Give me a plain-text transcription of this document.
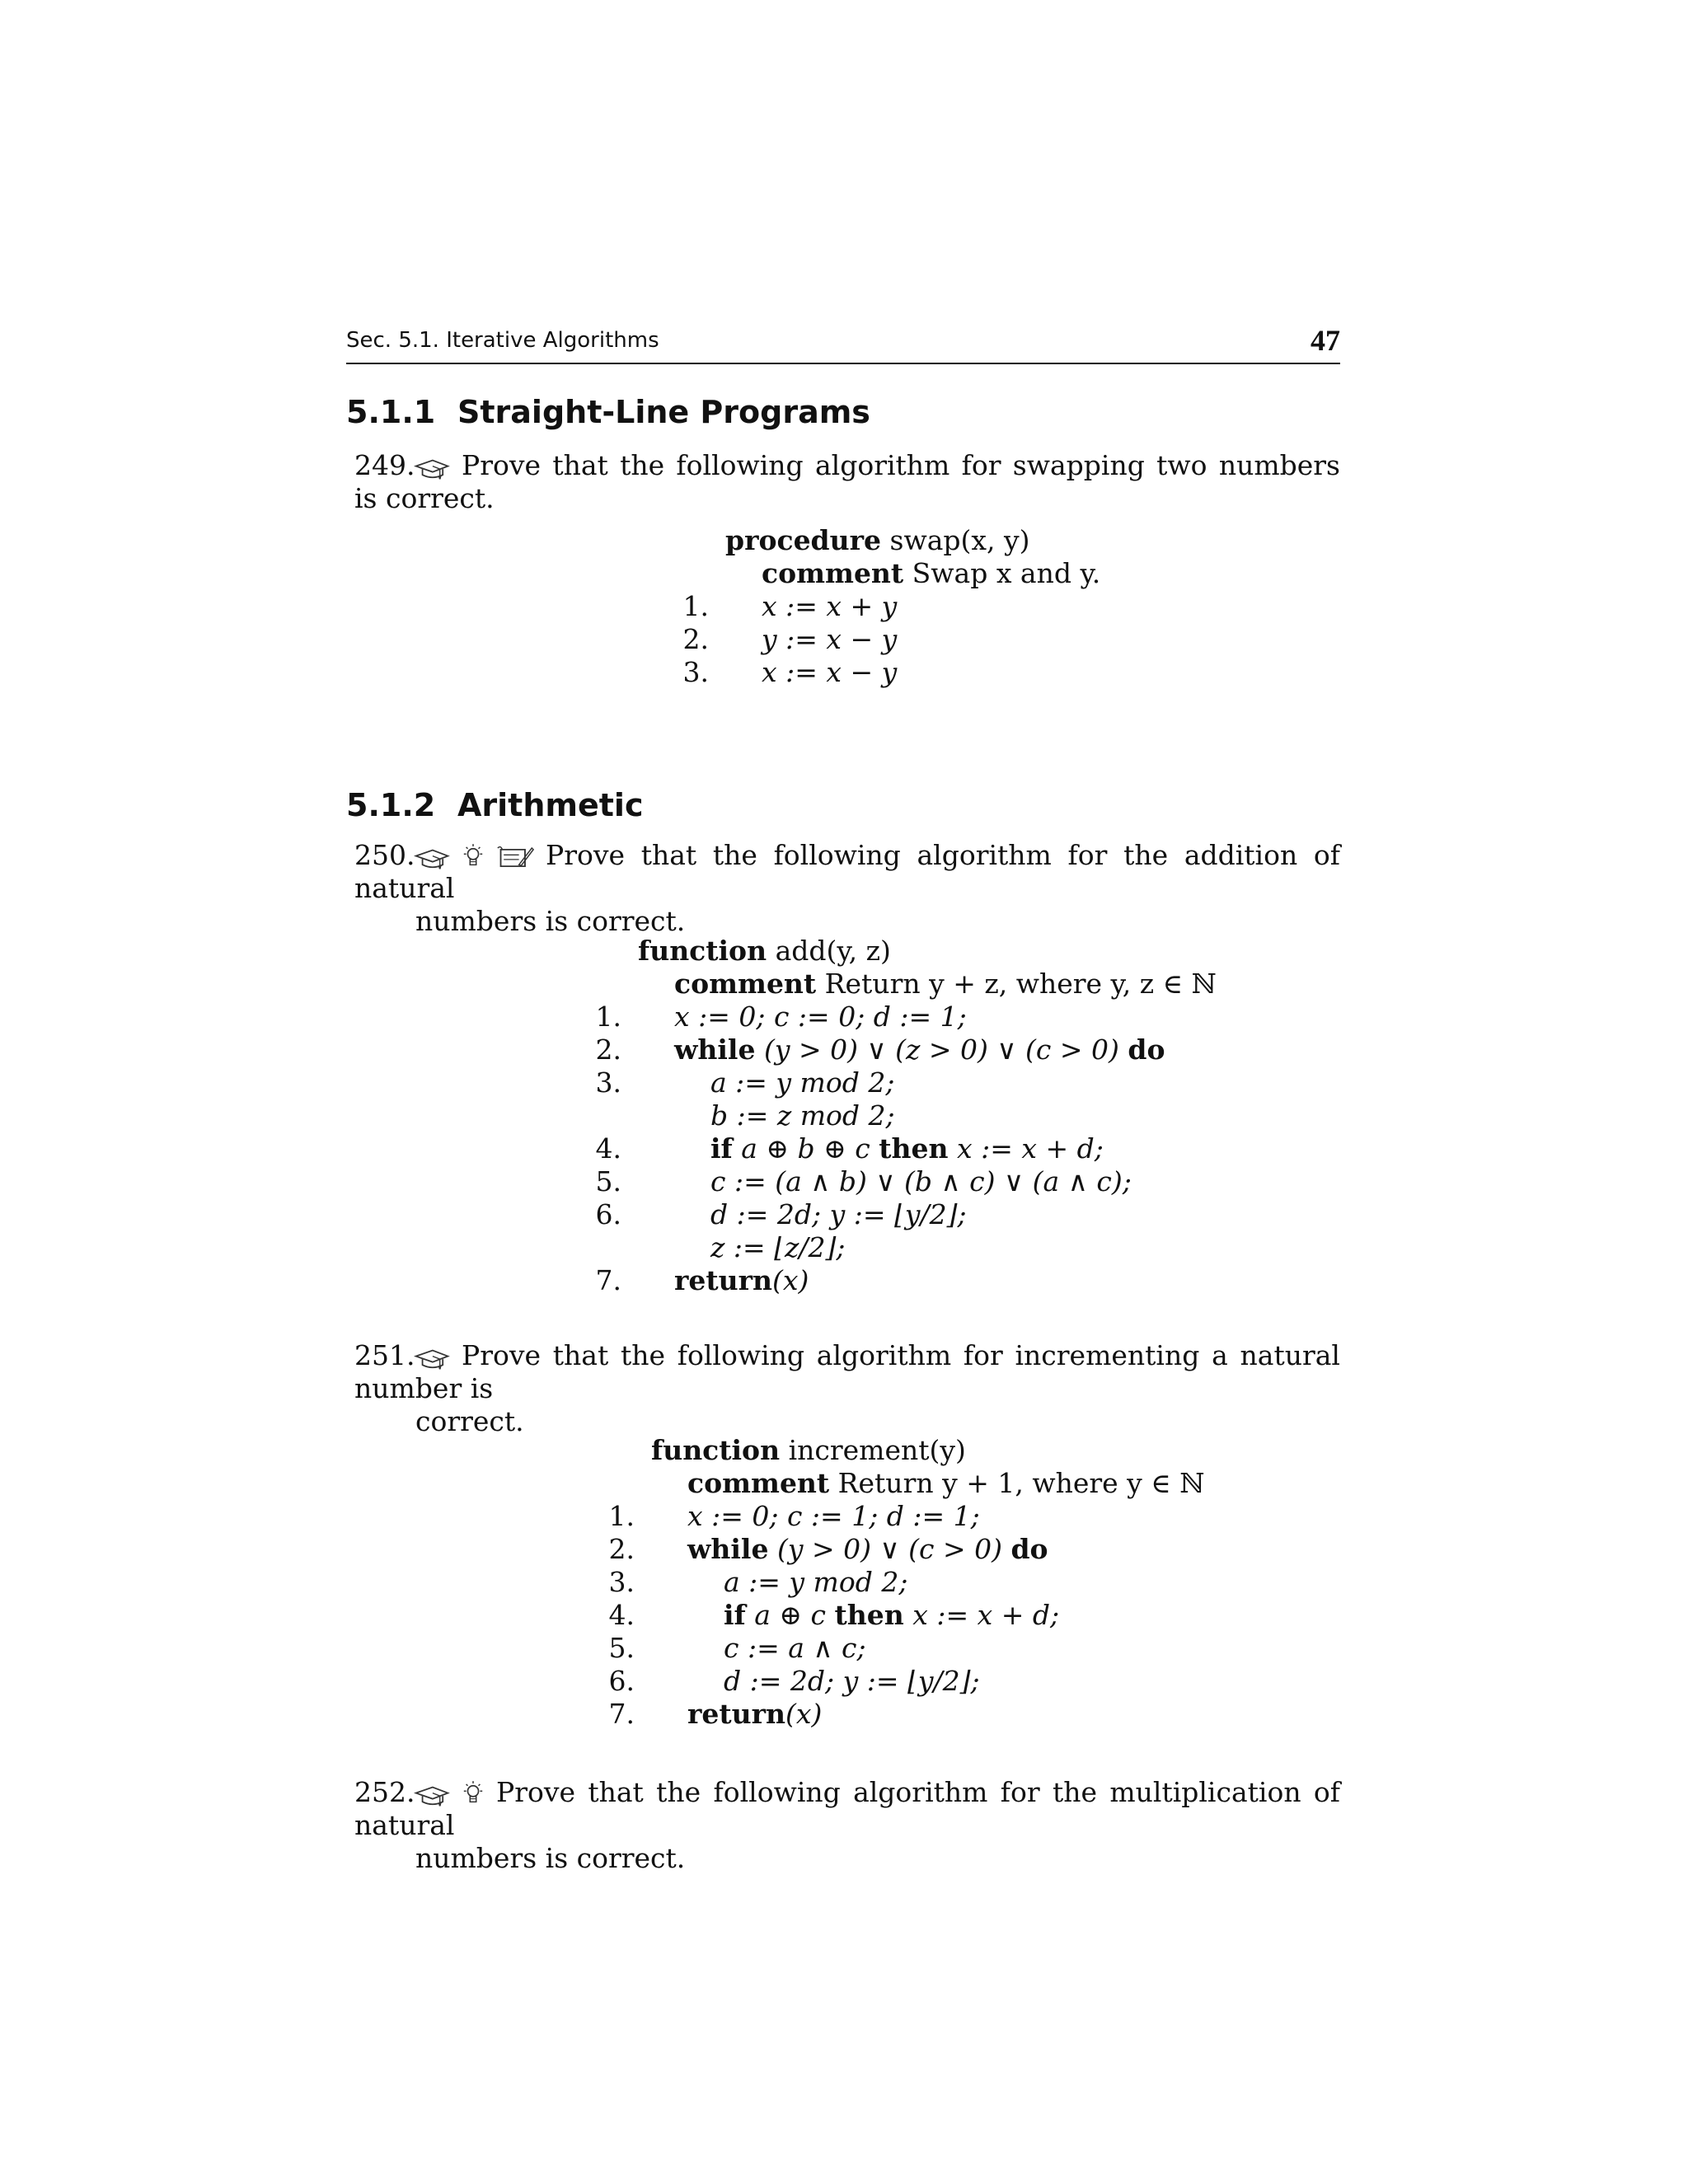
Sec. 5.1. Iterative Algorithms	47
5.1.1 Straight-Line Programs
249. Prove that the following algorithm for swapping two numbers is correct.
procedure swap(x, y)
comment Swap x and y.
1. x := x + y
2. y := x − y
3. x := x − y
5.1.2 Arithmetic
250.	Prove that the following algorithm for the addition of natural
numbers is correct.
function add(y, z)
comment Return y + z, where y, z ∈ ℕ
1. x := 0; c := 0; d := 1;
2. while (y > 0) ∨ (z > 0) ∨ (c > 0) do
3.	a := y mod 2;
b := z mod 2;
4.	if a ⊕ b ⊕ c then x := x + d;
5.	c := (a ∧ b) ∨ (b ∧ c) ∨ (a ∧ c);
6.	d := 2d; y := ⌊y/2⌋;
z := ⌊z/2⌋;
7. return(x)
251. Prove that the following algorithm for incrementing a natural number is
correct.
function increment(y)
comment Return y + 1, where y ∈ ℕ
1. x := 0; c := 1; d := 1;
2. while (y > 0) ∨ (c > 0) do
3.	a := y mod 2;
4.	if a ⊕ c then x := x + d;
5.	c := a ∧ c;
6.	d := 2d; y := ⌊y/2⌋;
7. return(x)
252.	Prove that the following algorithm for the multiplication of natural
numbers is correct.
